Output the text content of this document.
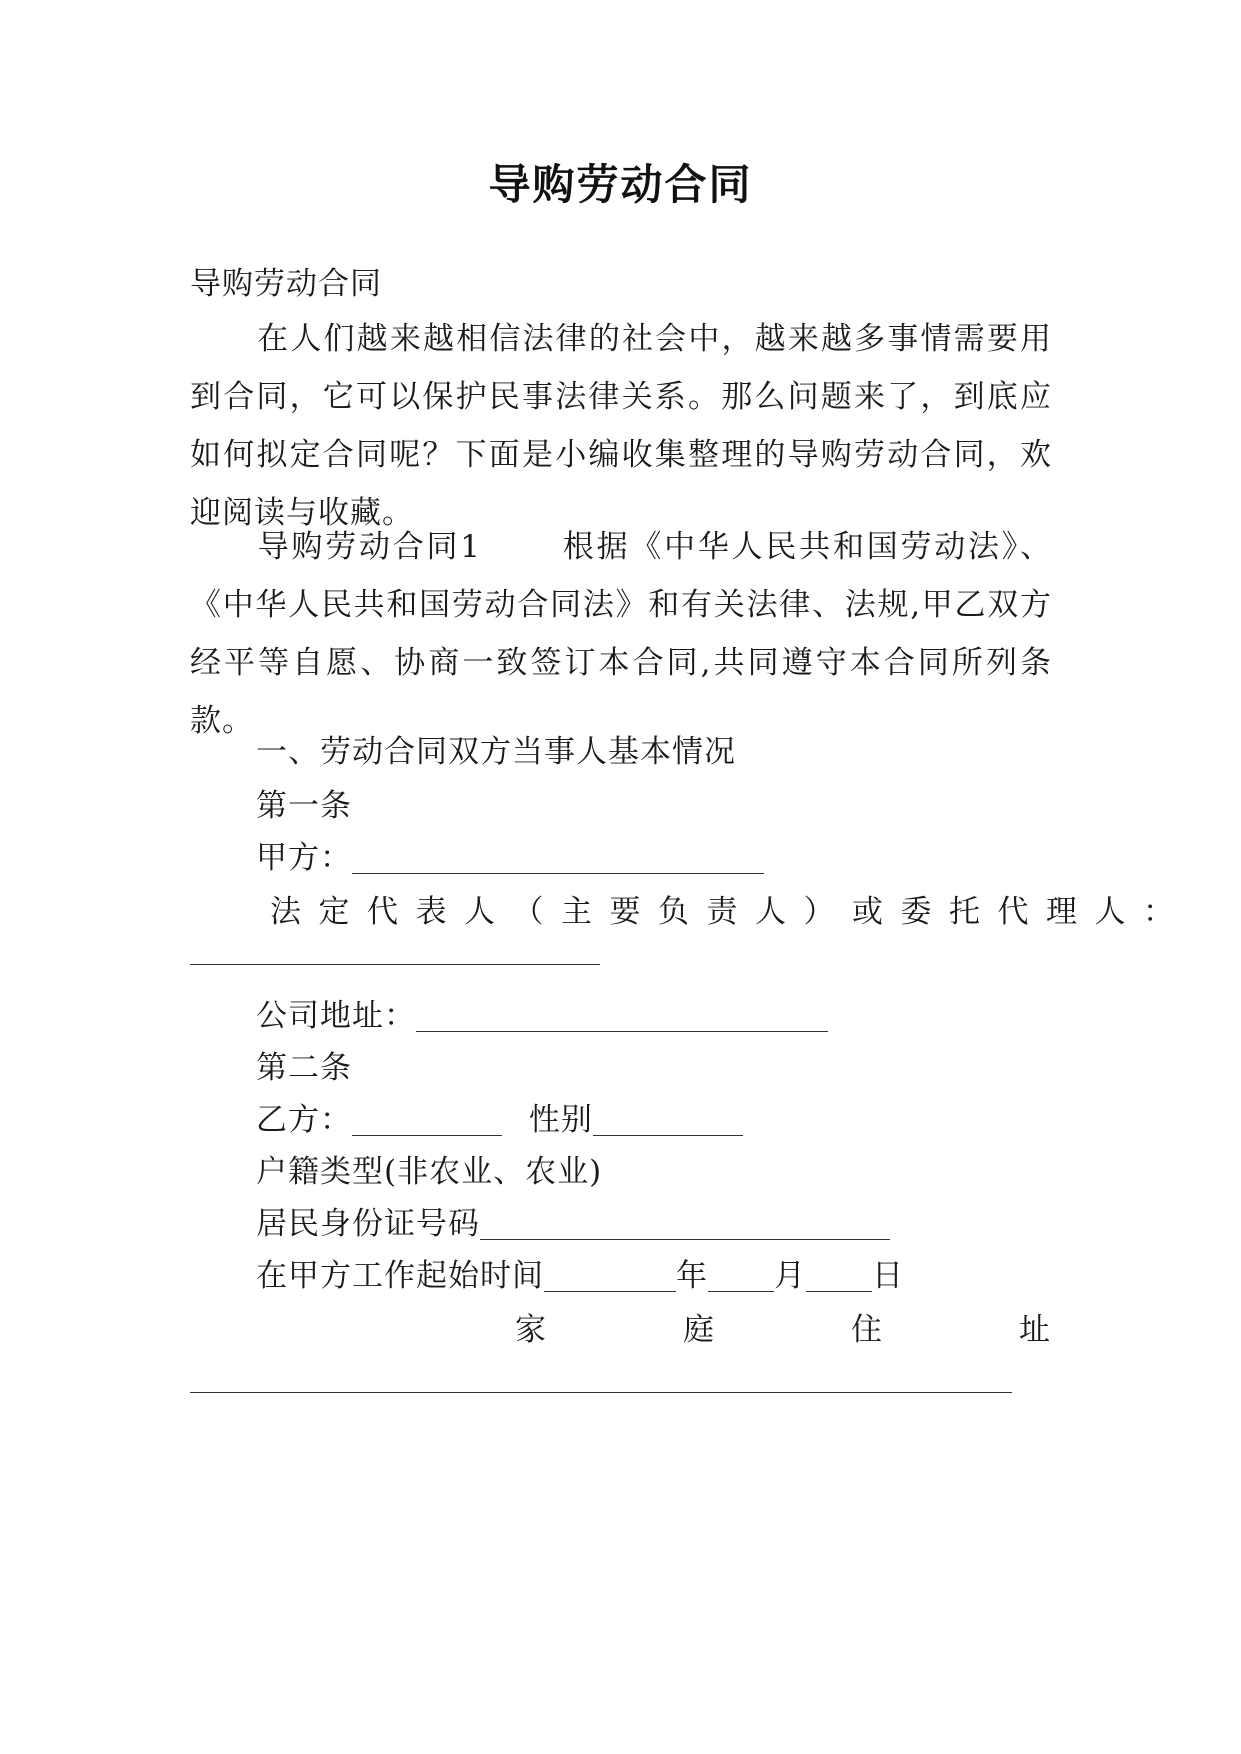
导购劳动合同
导购劳动合同
在人们越来越相信法律的社会中，越来越多事情需要用到合同，它可以保护民事法律关系。那么问题来了，到底应如何拟定合同呢？下面是小编收集整理的导购劳动合同，欢迎阅读与收藏。
导购劳动合同1　　 根据《中华人民共和国劳动法》、《中华人民共和国劳动合同法》和有关法律、法规,甲乙双方经平等自愿、协商一致签订本合同,共同遵守本合同所列条款。
一、劳动合同双方当事人基本情况
第一条
甲方：
法定代表人（主要负责人）或委托代理人：
公司地址：
第二条
乙方：	性别
户籍类型(非农业、农业)
居民身份证号码
在甲方工作起始时间	年 月 日
家	庭	住	址
